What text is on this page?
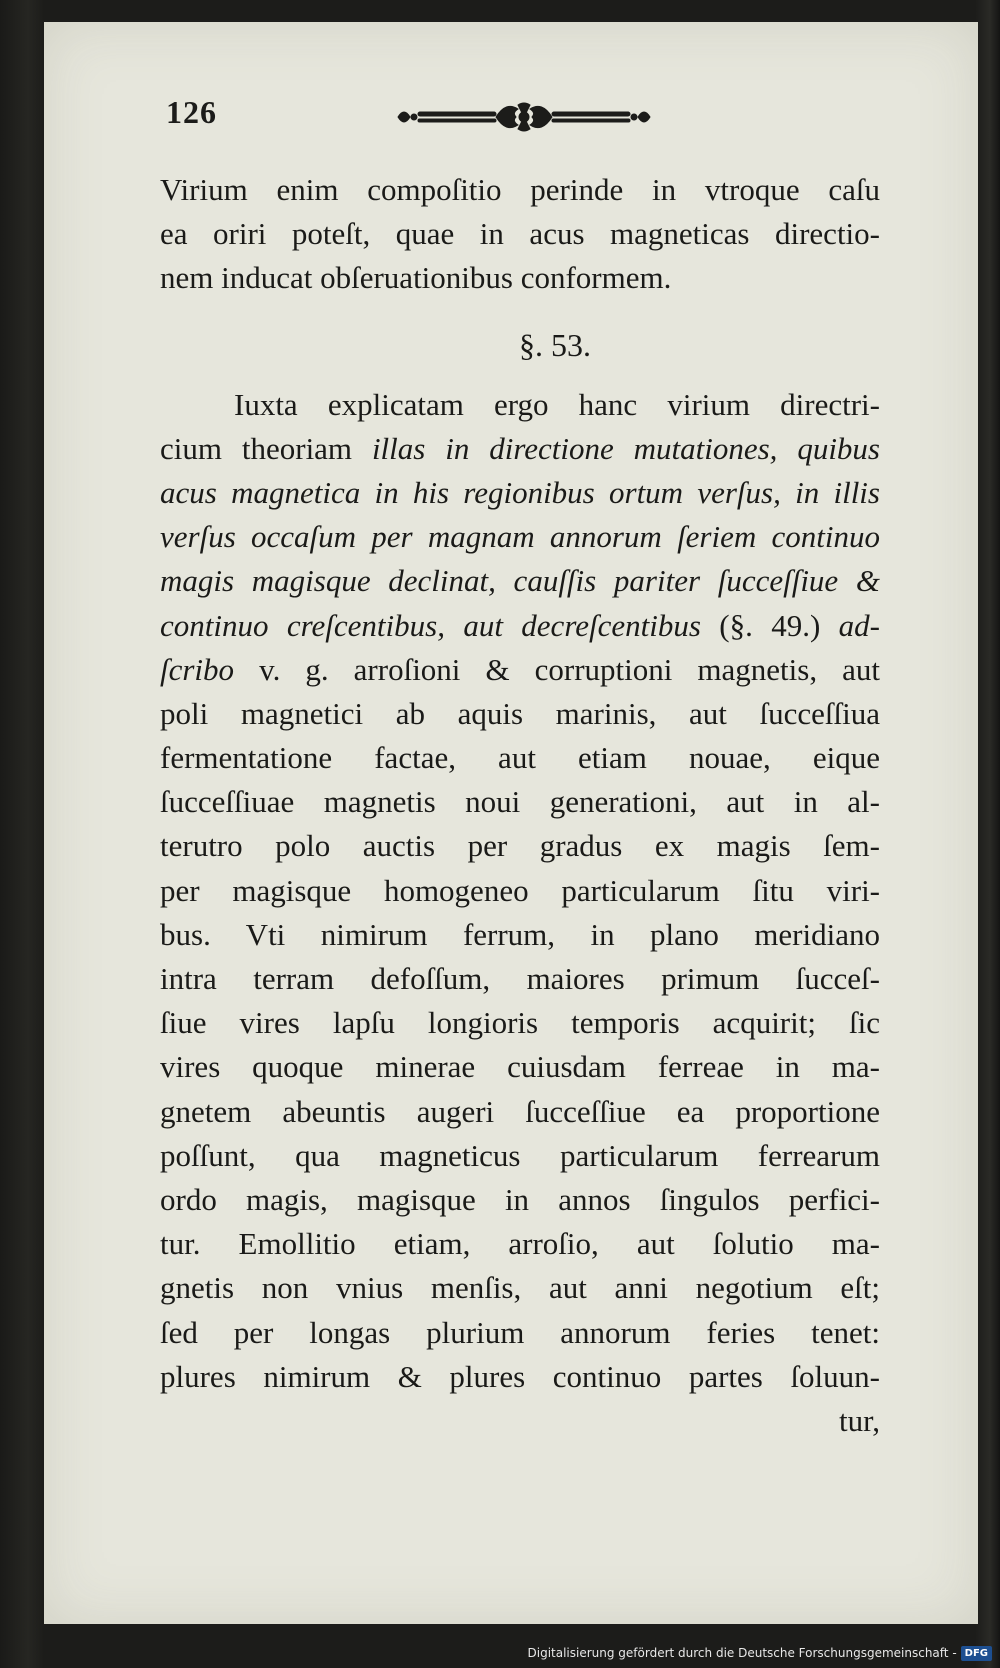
126
Virium enim compoſitio perinde in vtroque caſu
ea oriri poteſt, quae in acus magneticas directio-
nem inducat obſeruationibus conformem.
§. 53.
Iuxta explicatam ergo hanc virium directri-
cium theoriam illas in directione mutationes, quibus
acus magnetica in his regionibus ortum verſus, in illis
verſus occaſum per magnam annorum ſeriem continuo
magis magisque declinat, cauſſis pariter ſucceſſiue &
continuo creſcentibus, aut decreſcentibus (§. 49.) ad-
ſcribo v. g. arroſioni & corruptioni magnetis, aut
poli magnetici ab aquis marinis, aut ſucceſſiua
fermentatione factae, aut etiam nouae, eique
ſucceſſiuae magnetis noui generationi, aut in al-
terutro polo auctis per gradus ex magis ſem-
per magisque homogeneo particularum ſitu viri-
bus. Vti nimirum ferrum, in plano meridiano
intra terram defoſſum, maiores primum ſucceſ-
ſiue vires lapſu longioris temporis acquirit; ſic
vires quoque minerae cuiusdam ferreae in ma-
gnetem abeuntis augeri ſucceſſiue ea proportione
poſſunt, qua magneticus particularum ferrearum
ordo magis, magisque in annos ſingulos perfici-
tur. Emollitio etiam, arroſio, aut ſolutio ma-
gnetis non vnius menſis, aut anni negotium eſt;
ſed per longas plurium annorum feries tenet:
plures nimirum & plures continuo partes ſoluun-
tur,
Digitalisierung gefördert durch die Deutsche Forschungsgemeinschaft - DFG
